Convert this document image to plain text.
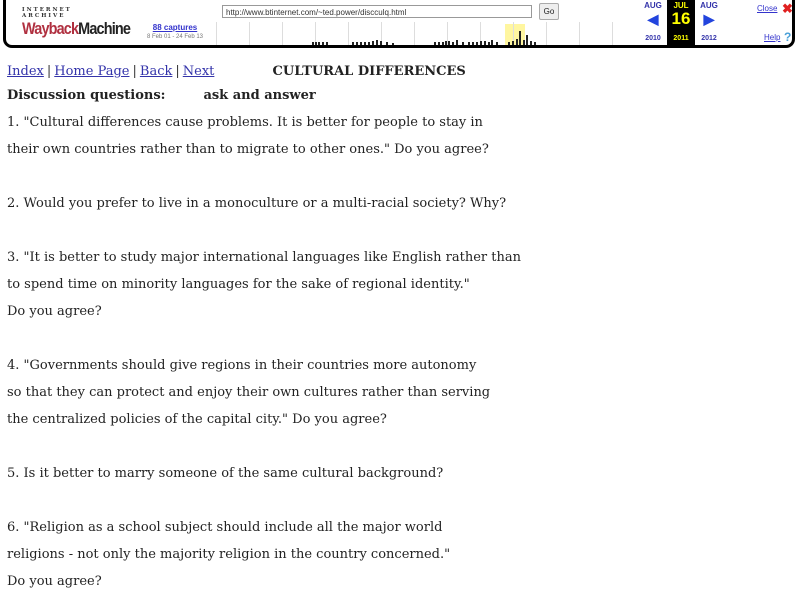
INTERNET ARCHIVE
WaybackMachine
http://www.btinternet.com/~ted.power/discculq.html	Go
88 captures
8 Feb 01 - 24 Feb 13
AUG
◀
2010
JUL
16
2011
AUG
▶
2012
Close ✖
Help ?
Index | Home Page | Back | Next	CULTURAL DIFFERENCES
Discussion questions:	ask and answer
1. "Cultural differences cause problems. It is better for people to stay in
their own countries rather than to migrate to other ones." Do you agree?
2. Would you prefer to live in a monoculture or a multi-racial society? Why?
3. "It is better to study major international languages like English rather than
to spend time on minority languages for the sake of regional identity."
Do you agree?
4. "Governments should give regions in their countries more autonomy
so that they can protect and enjoy their own cultures rather than serving
the centralized policies of the capital city." Do you agree?
5. Is it better to marry someone of the same cultural background?
6. "Religion as a school subject should include all the major world
religions - not only the majority religion in the country concerned."
Do you agree?
